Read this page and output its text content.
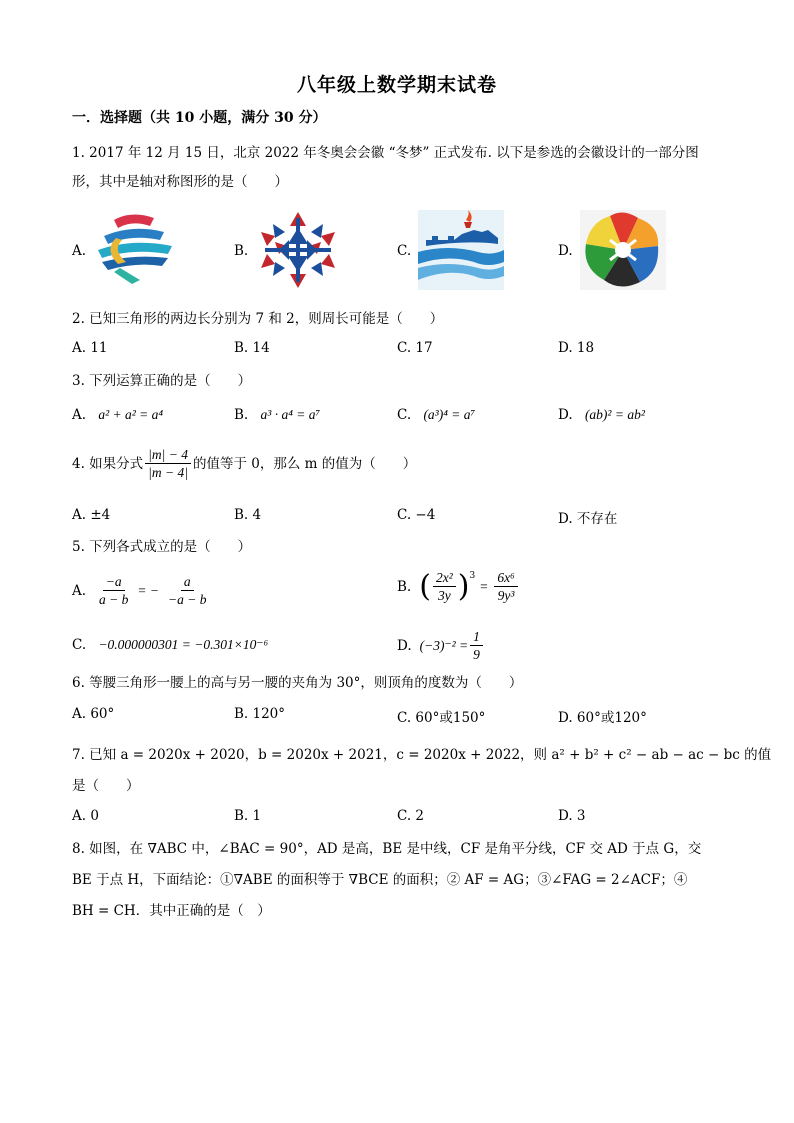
八年级上数学期末试卷
一．选择题（共 10 小题，满分 30 分）
1. 2017 年 12 月 15 日，北京 2022 年冬奥会会徽 “冬梦” 正式发布. 以下是参选的会徽设计的一部分图
形，其中是轴对称图形的是（　　）
A.	B.	C.	D.
2. 已知三角形的两边长分别为 7 和 2，则周长可能是（　　）
A. 11	B. 14	C. 17	D. 18
3. 下列运算正确的是（　　）
A. a² + a² = a⁴	B. a³ · a⁴ = a⁷	C. (a³)⁴ = a⁷	D. (ab)² = ab²
4. 如果分式 $\frac{|m| - 4}{|m - 4|}$ 的值等于 0，那么 m 的值为（　　）
A. ±4	B. 4	C. −4	D. 不存在
5. 下列各式成立的是（　　）
A. $\frac{-a}{a - b}$ = − $\frac{a}{-a - b}$	B. ( $\frac{\text{2x²}}{3y} )^3$
= $\frac{\text{6x⁶}}{\text{9y³}}$
C. −0.000000301 = −0.301×10⁻⁶	D. $(-3)^{-2} = \frac{1}{9}$
6. 等腰三角形一腰上的高与另一腰的夹角为 30°，则顶角的度数为（　　）
A. 60°	B. 120°	C. 60°或150°	D. 60°或120°
7. 已知 a = 2020x + 2020，b = 2020x + 2021，c = 2020x + 2022，则 a² + b² + c² − ab − ac − bc 的值
是（　　）
A. 0	B. 1	C. 2	D. 3
8. 如图，在 ∇ABC 中，∠BAC = 90°，AD 是高，BE 是中线，CF 是角平分线，CF 交 AD 于点 G，交
BE 于点 H，下面结论：①∇ABE 的面积等于 ∇BCE 的面积；② AF = AG；③∠FAG = 2∠ACF；④
BH = CH．其中正确的是（　）
